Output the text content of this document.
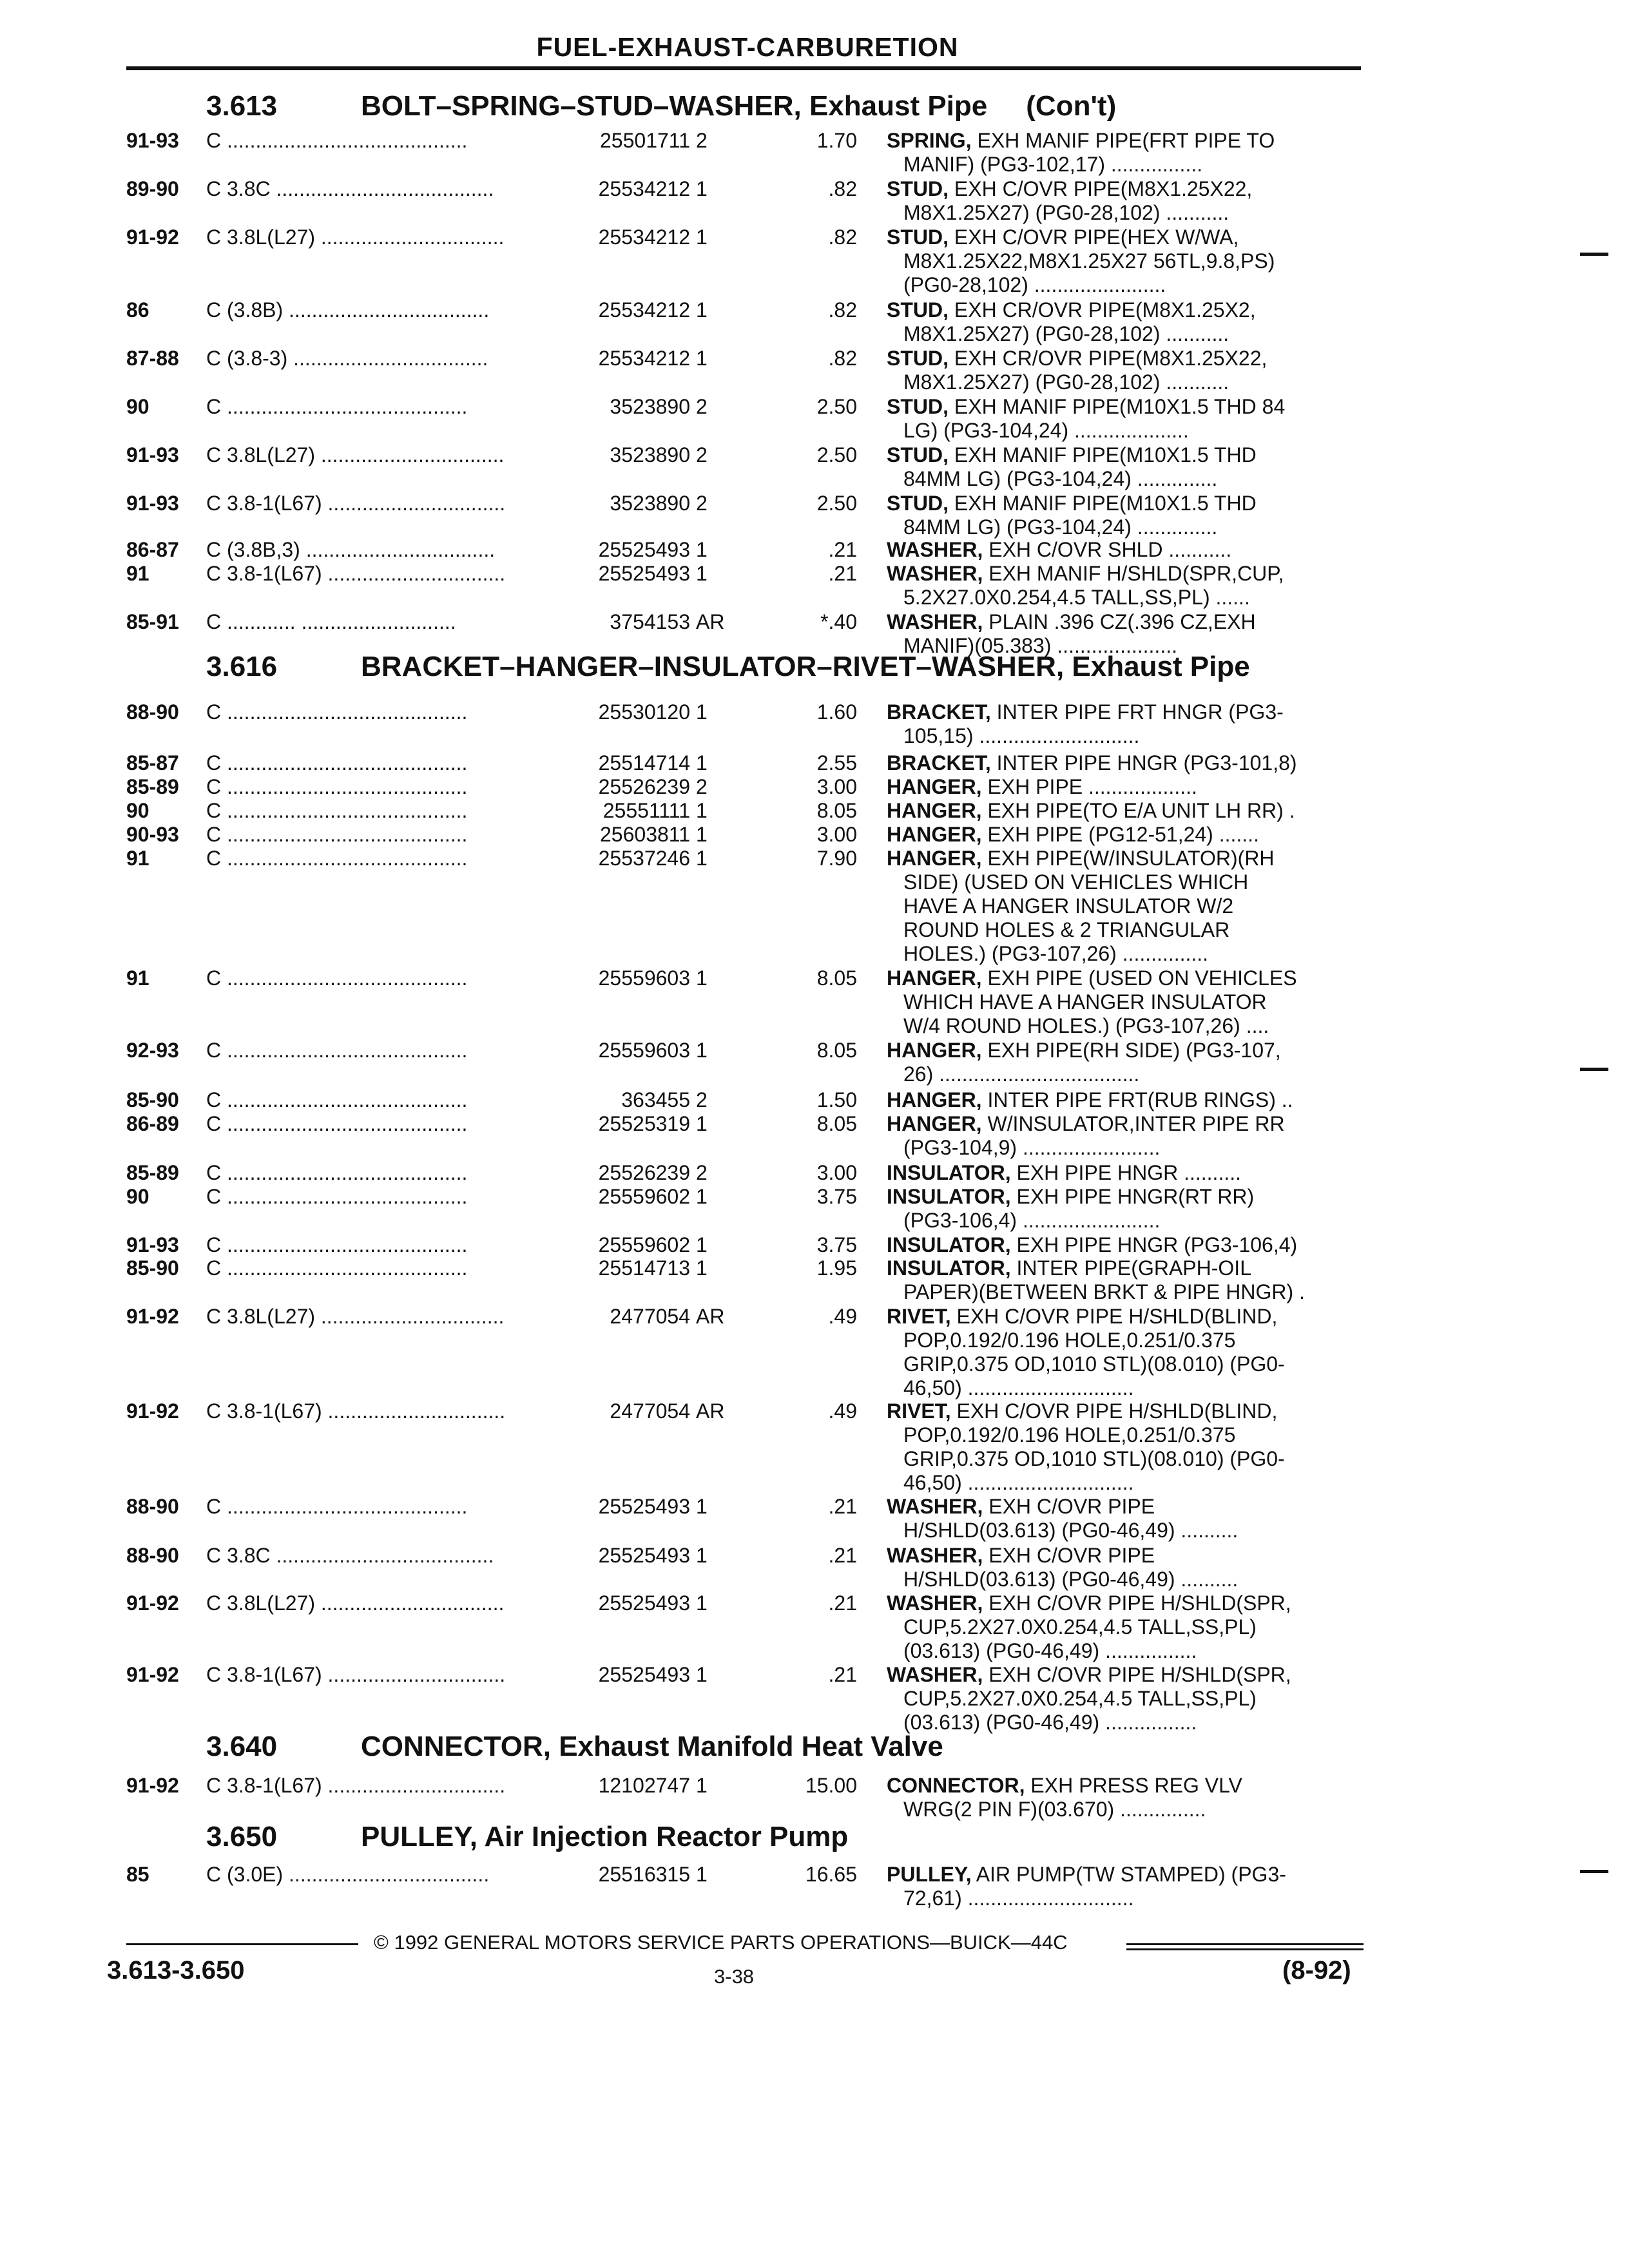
FUEL-EXHAUST-CARBURETION
3.613	BOLT–SPRING–STUD–WASHER, Exhaust Pipe (Con't)
91-93 C ..........................................	25501711 2	1.70 SPRING, EXH MANIF PIPE(FRT PIPE TO
MANIF) (PG3-102,17) ................
89-90 C 3.8C ......................................	25534212 1	.82 STUD, EXH C/OVR PIPE(M8X1.25X22,
M8X1.25X27) (PG0-28,102) ...........
91-92 C 3.8L(L27) ................................	25534212 1	.82 STUD, EXH C/OVR PIPE(HEX W/WA,
M8X1.25X22,M8X1.25X27 56TL,9.8,PS)
(PG0-28,102) .......................
86	C (3.8B) ...................................	25534212 1	.82 STUD, EXH CR/OVR PIPE(M8X1.25X2,
M8X1.25X27) (PG0-28,102) ...........
87-88 C (3.8-3) ..................................	25534212 1	.82 STUD, EXH CR/OVR PIPE(M8X1.25X22,
M8X1.25X27) (PG0-28,102) ...........
90	C ..........................................	3523890 2	2.50 STUD, EXH MANIF PIPE(M10X1.5 THD 84
LG) (PG3-104,24) ....................
91-93 C 3.8L(L27) ................................	3523890 2	2.50 STUD, EXH MANIF PIPE(M10X1.5 THD
84MM LG) (PG3-104,24) ..............
91-93 C 3.8-1(L67) ...............................	3523890 2	2.50 STUD, EXH MANIF PIPE(M10X1.5 THD
84MM LG) (PG3-104,24) ..............
86-87 C (3.8B,3) .................................	25525493 1	.21 WASHER, EXH C/OVR SHLD ...........
91	C 3.8-1(L67) ...............................	25525493 1	.21 WASHER, EXH MANIF H/SHLD(SPR,CUP,
5.2X27.0X0.254,4.5 TALL,SS,PL) ......
85-91 C ............ ...........................	3754153 AR	*.40 WASHER, PLAIN .396 CZ(.396 CZ,EXH
MANIF)(05.383) .....................
3.616	BRACKET–HANGER–INSULATOR–RIVET–WASHER, Exhaust Pipe
88-90 C ..........................................	25530120 1	1.60 BRACKET, INTER PIPE FRT HNGR (PG3-
105,15) ............................
85-87 C ..........................................	25514714 1	2.55 BRACKET, INTER PIPE HNGR (PG3-101,8)
85-89 C ..........................................	25526239 2	3.00 HANGER, EXH PIPE ...................
90	C ..........................................	25551111 1	8.05 HANGER, EXH PIPE(TO E/A UNIT LH RR) .
90-93 C ..........................................	25603811 1	3.00 HANGER, EXH PIPE (PG12-51,24) .......
91	C ..........................................	25537246 1	7.90 HANGER, EXH PIPE(W/INSULATOR)(RH
SIDE) (USED ON VEHICLES WHICH
HAVE A HANGER INSULATOR W/2
ROUND HOLES & 2 TRIANGULAR
HOLES.) (PG3-107,26) ...............
91	C ..........................................	25559603 1	8.05 HANGER, EXH PIPE (USED ON VEHICLES
WHICH HAVE A HANGER INSULATOR
W/4 ROUND HOLES.) (PG3-107,26) ....
92-93 C ..........................................	25559603 1	8.05 HANGER, EXH PIPE(RH SIDE) (PG3-107,
26) ...................................
85-90 C ..........................................	363455 2	1.50 HANGER, INTER PIPE FRT(RUB RINGS) ..
86-89 C ..........................................	25525319 1	8.05 HANGER, W/INSULATOR,INTER PIPE RR
(PG3-104,9) ........................
85-89 C ..........................................	25526239 2	3.00 INSULATOR, EXH PIPE HNGR ..........
90	C ..........................................	25559602 1	3.75 INSULATOR, EXH PIPE HNGR(RT RR)
(PG3-106,4) ........................
91-93 C ..........................................	25559602 1	3.75 INSULATOR, EXH PIPE HNGR (PG3-106,4)
85-90 C ..........................................	25514713 1	1.95 INSULATOR, INTER PIPE(GRAPH-OIL
PAPER)(BETWEEN BRKT & PIPE HNGR) .
91-92 C 3.8L(L27) ................................	2477054 AR	.49 RIVET, EXH C/OVR PIPE H/SHLD(BLIND,
POP,0.192/0.196 HOLE,0.251/0.375
GRIP,0.375 OD,1010 STL)(08.010) (PG0-
46,50) .............................
91-92 C 3.8-1(L67) ...............................	2477054 AR	.49 RIVET, EXH C/OVR PIPE H/SHLD(BLIND,
POP,0.192/0.196 HOLE,0.251/0.375
GRIP,0.375 OD,1010 STL)(08.010) (PG0-
46,50) .............................
88-90 C ..........................................	25525493 1	.21 WASHER, EXH C/OVR PIPE
H/SHLD(03.613) (PG0-46,49) ..........
88-90 C 3.8C ......................................	25525493 1	.21 WASHER, EXH C/OVR PIPE
H/SHLD(03.613) (PG0-46,49) ..........
91-92 C 3.8L(L27) ................................	25525493 1	.21 WASHER, EXH C/OVR PIPE H/SHLD(SPR,
CUP,5.2X27.0X0.254,4.5 TALL,SS,PL)
(03.613) (PG0-46,49) ................
91-92 C 3.8-1(L67) ...............................	25525493 1	.21 WASHER, EXH C/OVR PIPE H/SHLD(SPR,
CUP,5.2X27.0X0.254,4.5 TALL,SS,PL)
(03.613) (PG0-46,49) ................
3.640	CONNECTOR, Exhaust Manifold Heat Valve
91-92 C 3.8-1(L67) ...............................	12102747 1	15.00 CONNECTOR, EXH PRESS REG VLV
WRG(2 PIN F)(03.670) ...............
3.650	PULLEY, Air Injection Reactor Pump
85	C (3.0E) ...................................	25516315 1	16.65 PULLEY, AIR PUMP(TW STAMPED) (PG3-
72,61) .............................
© 1992 GENERAL MOTORS SERVICE PARTS OPERATIONS—BUICK—44C
3.613-3.650	3-38	(8-92)
